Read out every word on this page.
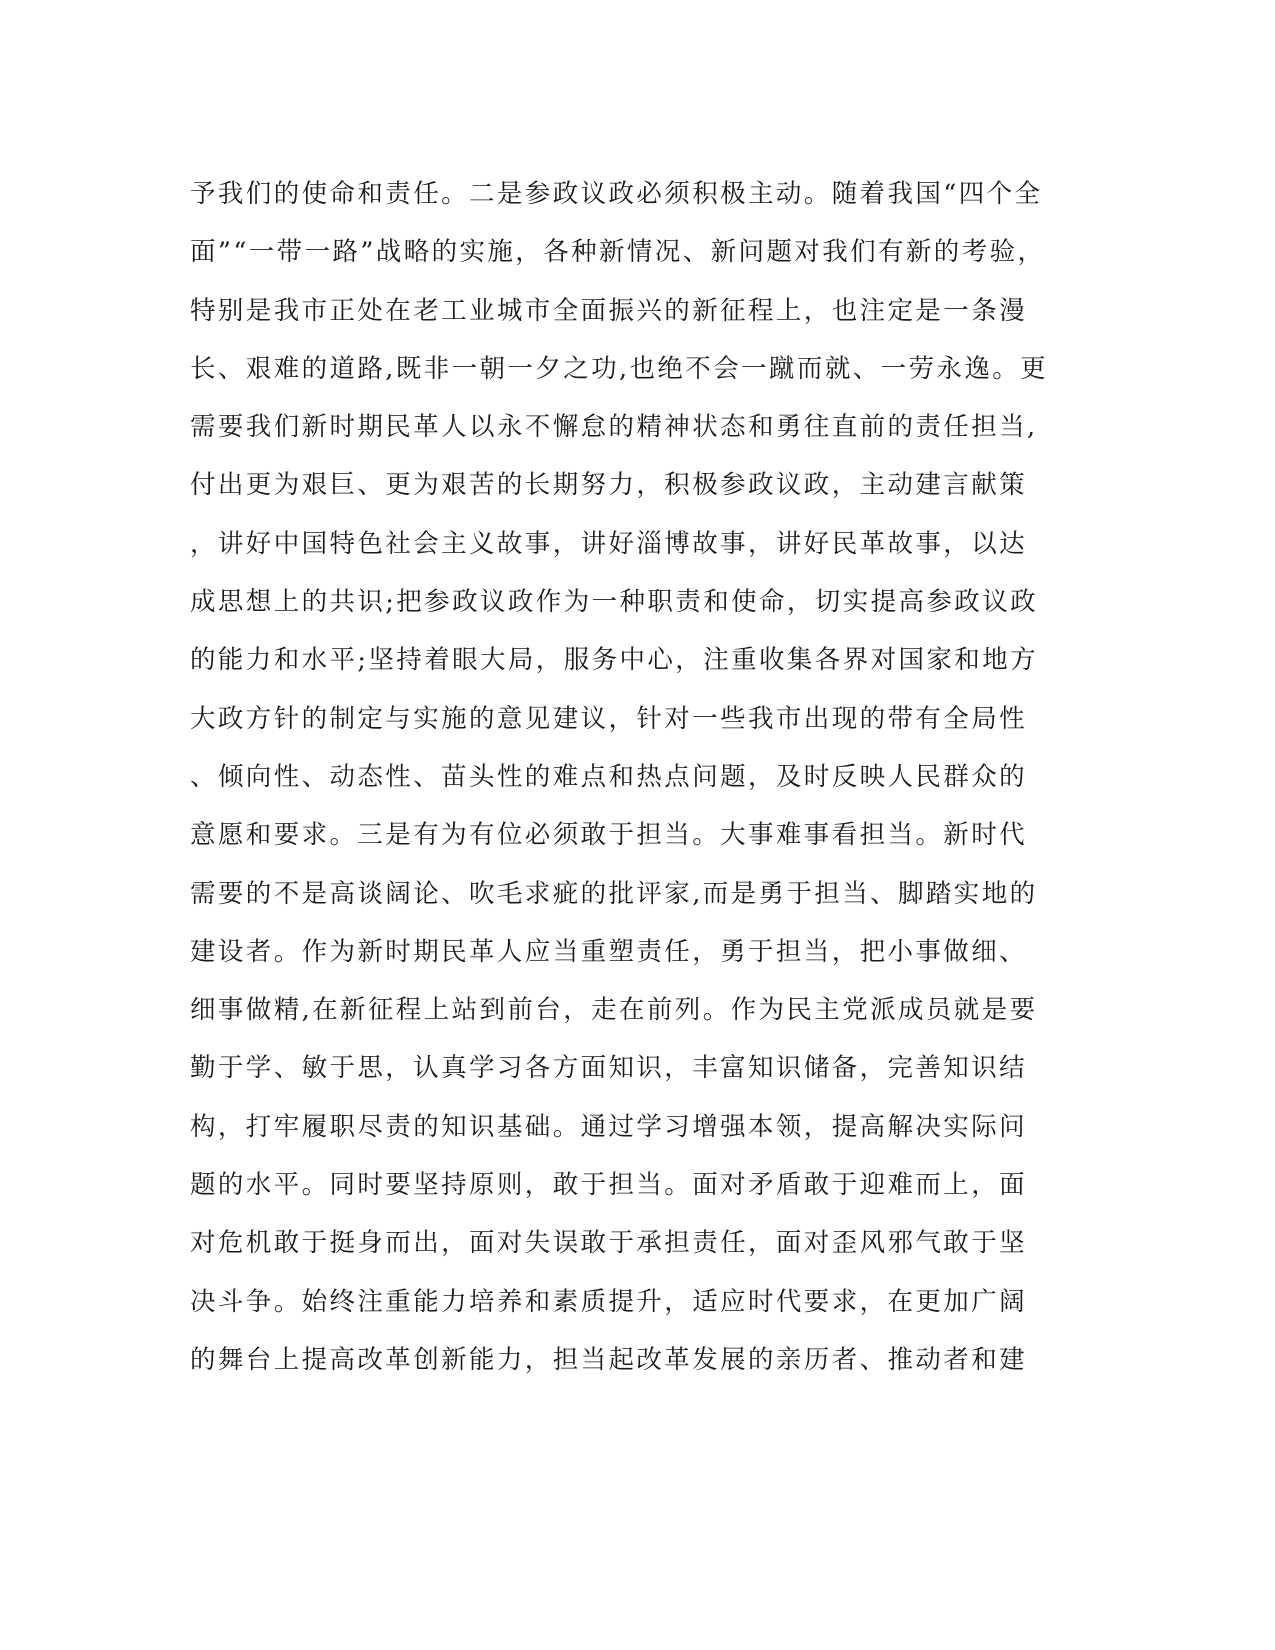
予我们的使命和责任。二是参政议政必须积极主动。随着我国“四个全
面”“一带一路”战略的实施，各种新情况、新问题对我们有新的考验，
特别是我市正处在老工业城市全面振兴的新征程上，也注定是一条漫
长、艰难的道路,既非一朝一夕之功,也绝不会一蹴而就、一劳永逸。更
需要我们新时期民革人以永不懈怠的精神状态和勇往直前的责任担当,
付出更为艰巨、更为艰苦的长期努力，积极参政议政，主动建言献策
，讲好中国特色社会主义故事，讲好淄博故事，讲好民革故事，以达
成思想上的共识;把参政议政作为一种职责和使命，切实提高参政议政
的能力和水平;坚持着眼大局，服务中心，注重收集各界对国家和地方
大政方针的制定与实施的意见建议，针对一些我市出现的带有全局性
、倾向性、动态性、苗头性的难点和热点问题，及时反映人民群众的
意愿和要求。三是有为有位必须敢于担当。大事难事看担当。新时代
需要的不是高谈阔论、吹毛求疵的批评家,而是勇于担当、脚踏实地的
建设者。作为新时期民革人应当重塑责任，勇于担当，把小事做细、
细事做精,在新征程上站到前台，走在前列。作为民主党派成员就是要
勤于学、敏于思，认真学习各方面知识，丰富知识储备，完善知识结
构，打牢履职尽责的知识基础。通过学习增强本领，提高解决实际问
题的水平。同时要坚持原则，敢于担当。面对矛盾敢于迎难而上，面
对危机敢于挺身而出，面对失误敢于承担责任，面对歪风邪气敢于坚
决斗争。始终注重能力培养和素质提升，适应时代要求，在更加广阔
的舞台上提高改革创新能力，担当起改革发展的亲历者、推动者和建
